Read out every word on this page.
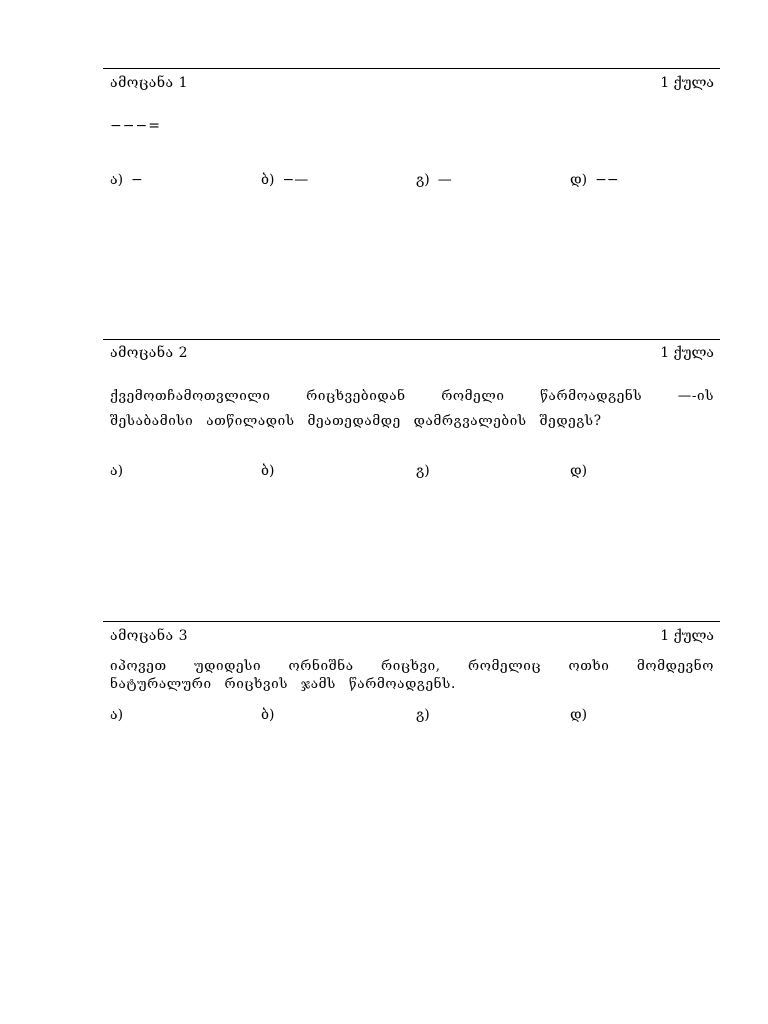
ამოცანა 1	1 ქულა
−−−=
ა) −	ბ) −—	გ) —	დ) −−
ამოცანა 2	1 ქულა
ქვემოთჩამოთვლილი რიცხვებიდან რომელი წარმოადგენს —-ის შესაბამისი ათწილადის მეათედამდე დამრგვალების შედეგს?
ა)	ბ)	გ)	დ)
ამოცანა 3	1 ქულა
იპოვეთ უდიდესი ორნიშნა რიცხვი, რომელიც ოთხი მომდევნო ნატურალური რიცხვის ჯამს წარმოადგენს.
ა)	ბ)	გ)	დ)
